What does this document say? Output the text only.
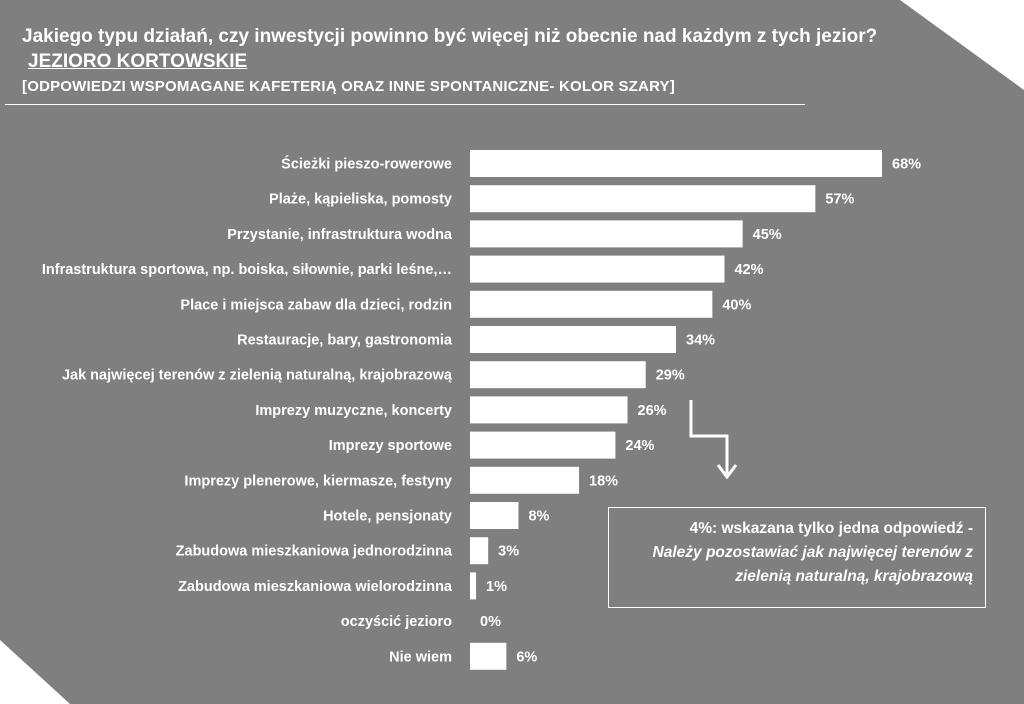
Jakiego typu działań, czy inwestycji powinno być więcej niż obecnie nad każdym z tych jezior? JEZIORO KORTOWSKIE
[ODPOWIEDZI WSPOMAGANE KAFETERIĄ ORAZ INNE SPONTANICZNE- KOLOR SZARY]
Ścieżki pieszo-rowerowe	68%
Plaże, kąpieliska, pomosty	57%
Przystanie, infrastruktura wodna	45%
Infrastruktura sportowa, np. boiska, siłownie, parki leśne,…	42%
Place i miejsca zabaw dla dzieci, rodzin	40%
Restauracje, bary, gastronomia	34%
Jak najwięcej terenów z zielenią naturalną, krajobrazową	29%
Imprezy muzyczne, koncerty	26%
Imprezy sportowe	24%
Imprezy plenerowe, kiermasze, festyny	18%
Hotele, pensjonaty	8%
Zabudowa mieszkaniowa jednorodzinna	3%
Zabudowa mieszkaniowa wielorodzinna 1%
oczyścić jezioro 0%
Nie wiem	6%
4%: wskazana tylko jedna odpowiedź -
Należy pozostawiać jak najwięcej terenów z zielenią naturalną, krajobrazową
